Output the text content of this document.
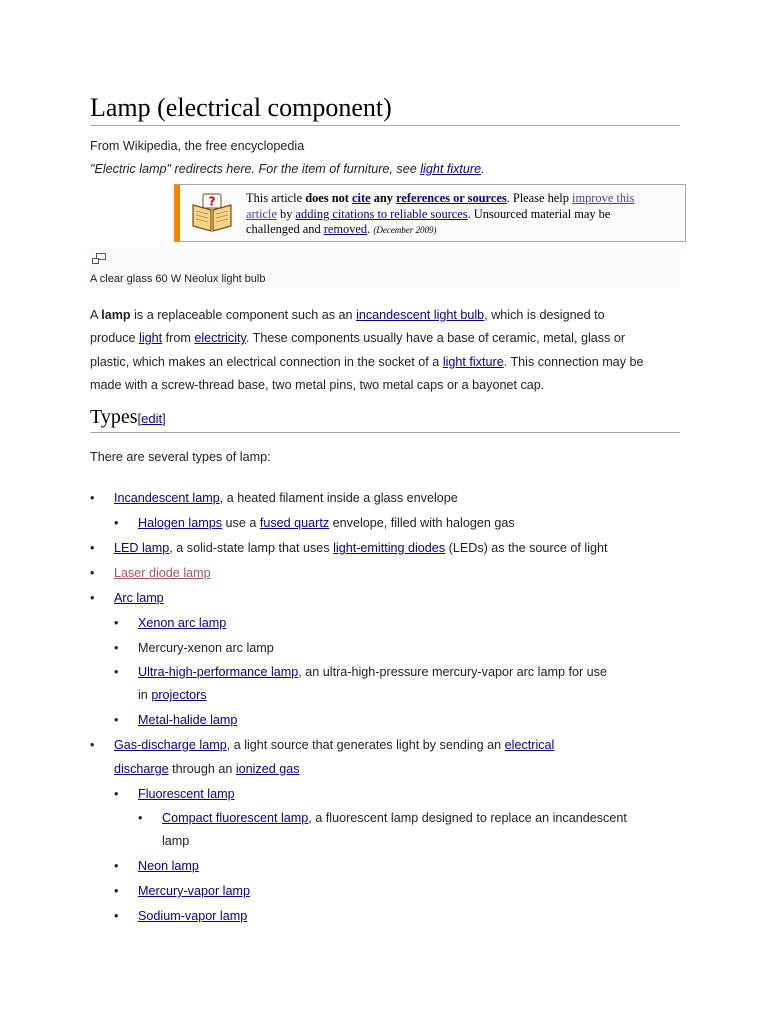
Lamp (electrical component)
From Wikipedia, the free encyclopedia
"Electric lamp" redirects here. For the item of furniture, see light fixture.
? This article does not cite any references or sources. Please help improve this
article by adding citations to reliable sources. Unsourced material may be
challenged and removed. (December 2009)
A clear glass 60 W Neolux light bulb
A lamp is a replaceable component such as an incandescent light bulb, which is designed to
produce light from electricity. These components usually have a base of ceramic, metal, glass or
plastic, which makes an electrical connection in the socket of a light fixture. This connection may be
made with a screw-thread base, two metal pins, two metal caps or a bayonet cap.
Types[edit]
There are several types of lamp:
• Incandescent lamp, a heated filament inside a glass envelope
• Halogen lamps use a fused quartz envelope, filled with halogen gas
• LED lamp, a solid-state lamp that uses light-emitting diodes (LEDs) as the source of light
• Laser diode lamp
• Arc lamp
• Xenon arc lamp
• Mercury-xenon arc lamp
• Ultra-high-performance lamp, an ultra-high-pressure mercury-vapor arc lamp for use
in projectors
• Metal-halide lamp
• Gas-discharge lamp, a light source that generates light by sending an electrical
discharge through an ionized gas
• Fluorescent lamp
• Compact fluorescent lamp, a fluorescent lamp designed to replace an incandescent
lamp
• Neon lamp
• Mercury-vapor lamp
• Sodium-vapor lamp
